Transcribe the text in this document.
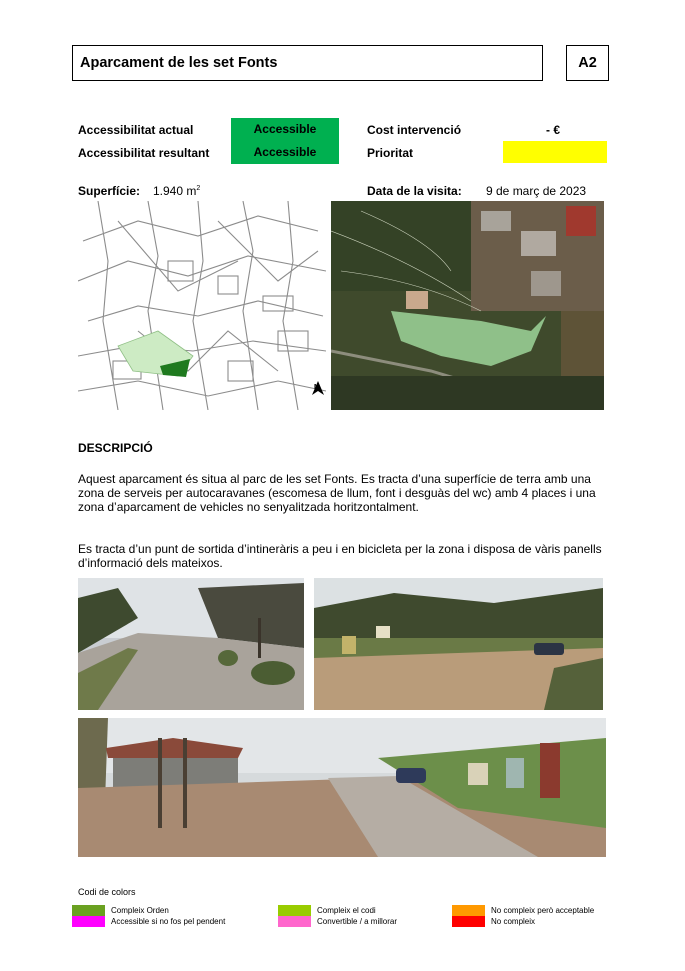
Aparcament de les set Fonts	A2
Accessibilitat actual	Accessible
Accessibilitat resultant	Accessible
Cost intervenció	- €
Prioritat
Superfície: 1.940 $m^2$	Data de la visita: 9 de març de 2023
N
DESCRIPCIÓ
Aquest aparcament és situa al parc de les set Fonts. Es tracta d’una superfície de terra amb una zona de serveis per autocaravanes (escomesa de llum, font i desguàs del wc) amb 4 places i una zona d’aparcament de vehicles no senyalitzada horitzontalment.
Es tracta d’un punt de sortida d’intineràris a peu i en bicicleta per la zona i disposa de vàris panells d’informació dels mateixos.
Codi de colors
Compleix Orden
Accessible si no fos pel pendent
Compleix el codi
Convertible / a millorar
No compleix però acceptable
No compleix
